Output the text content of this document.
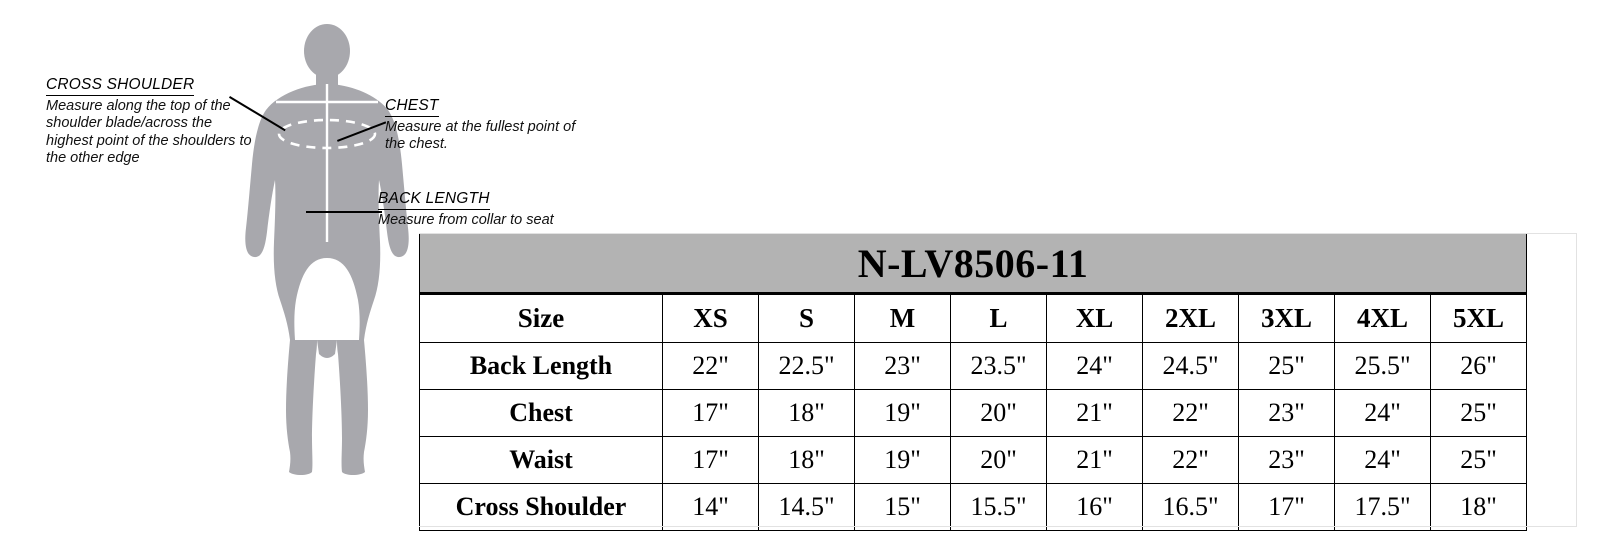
CROSS SHOULDER
Measure along the top of the shoulder blade/across the highest point of the shoulders to the other edge
CHEST
Measure at the fullest point of the chest.
BACK LENGTH
Measure from collar to seat
N-LV8506-11									
Size	XS	S	M	L	XL	2XL	3XL	4XL	5XL
Back Length	22"	22.5"	23"	23.5"	24"	24.5"	25"	25.5"	26"
Chest	17"	18"	19"	20"	21"	22"	23"	24"	25"
Waist	17"	18"	19"	20"	21"	22"	23"	24"	25"
Cross Shoulder	14"	14.5"	15"	15.5"	16"	16.5"	17"	17.5"	18"
